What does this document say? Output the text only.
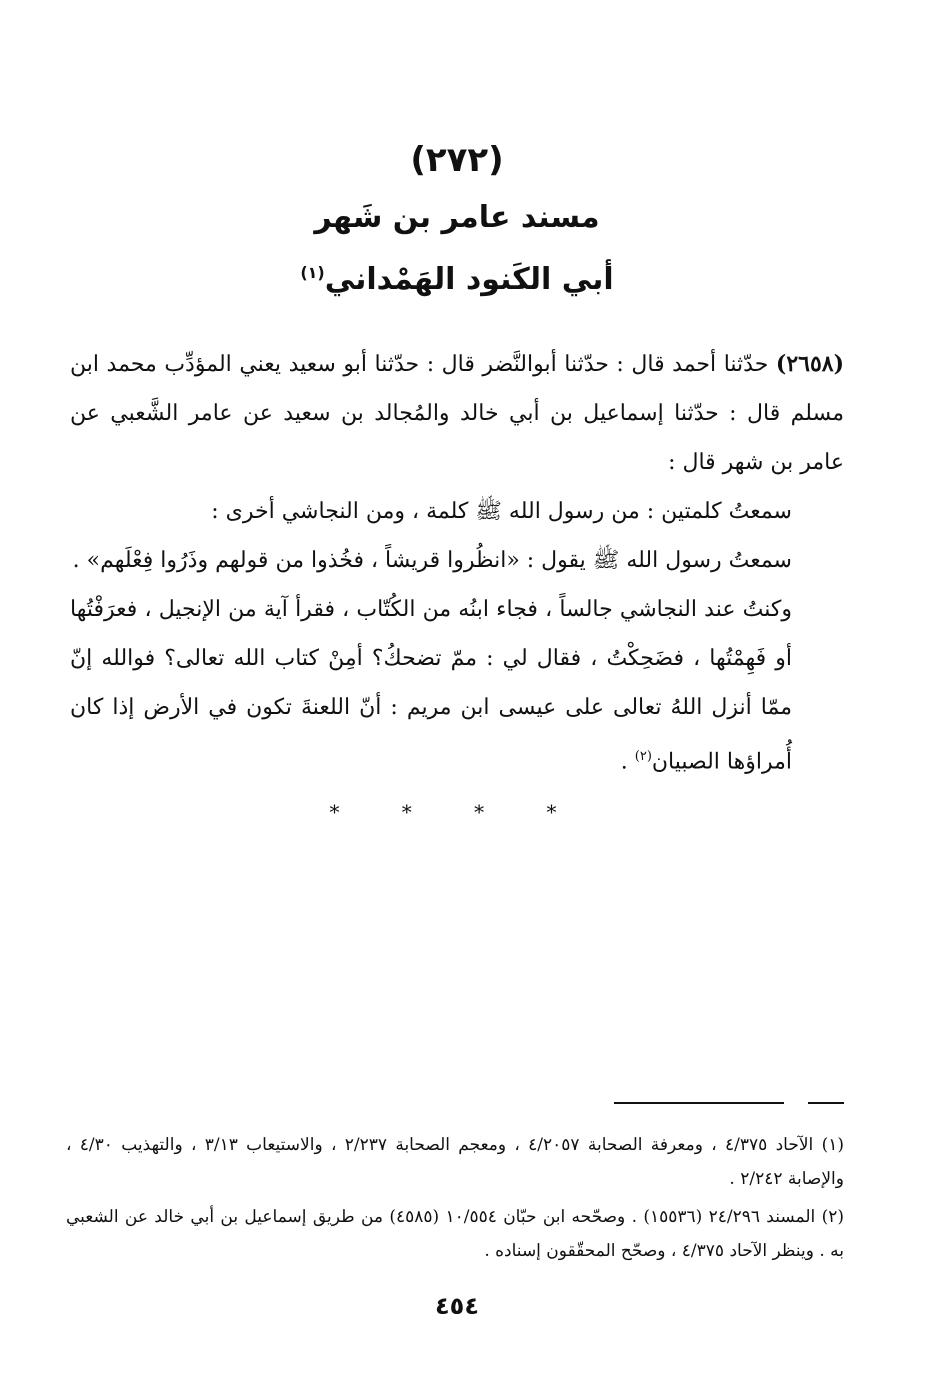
(٢٧٢)
مسند عامر بن شَهر
أبي الكَنود الهَمْداني$^{(١)}$

(٢٦٥٨) حدّثنا أحمد قال : حدّثنا أبوالنَّضر قال : حدّثنا أبو سعيد يعني المؤدِّب محمد ابن مسلم قال : حدّثنا إسماعيل بن أبي خالد والمُجالد بن سعيد عن عامر الشَّعبي عن عامر بن شهر قال :

سمعتُ كلمتين : من رسول الله ﷺ كلمة ، ومن النجاشي أخرى :

سمعتُ رسول الله ﷺ يقول : «انظُروا قريشاً ، فخُذوا من قولهم وذَرُوا فِعْلَهم» .

وكنتُ عند النجاشي جالساً ، فجاء ابنُه من الكُتّاب ، فقرأ آية من الإنجيل ، فعرَفْتُها أو فَهِمْتُها ، فضَحِكْتُ ، فقال لي : ممّ تضحكُ؟ أمِنْ كتاب الله تعالى؟ فوالله إنّ ممّا أنزل اللهُ تعالى على عيسى ابن مريم : أنّ اللعنةَ تكون في الأرض إذا كان أُمراؤها الصبيان$^{(٢)}$ .

* * * *

(١) الآحاد ٤/٣٧٥ ، ومعرفة الصحابة ٤/٢٠٥٧ ، ومعجم الصحابة ٢/٢٣٧ ، والاستيعاب ٣/١٣ ، والتهذيب ٤/٣٠ ، والإصابة ٢/٢٤٢ .

(٢) المسند ٢٤/٢٩٦ (١٥٥٣٦) . وصحّحه ابن حبّان ١٠/٥٥٤ (٤٥٨٥) من طريق إسماعيل بن أبي خالد عن الشعبي به . وينظر الآحاد ٤/٣٧٥ ، وصحّح المحقّقون إسناده .

٤٥٤
